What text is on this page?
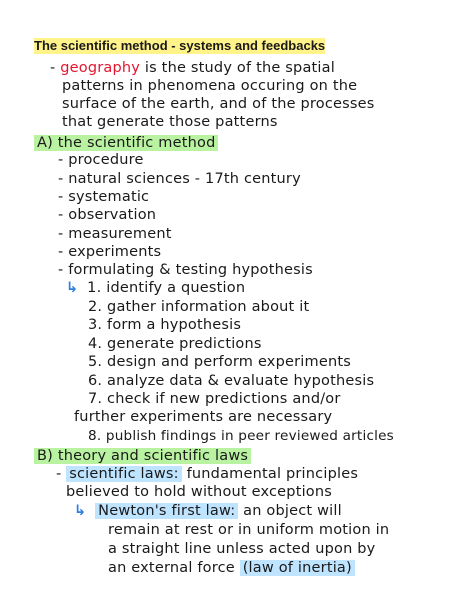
The scientific method - systems and feedbacks
- geography is the study of the spatial
patterns in phenomena occuring on the
surface of the earth, and of the processes
that generate those patterns
A) the scientific method
- procedure
- natural sciences - 17th century
- systematic
- observation
- measurement
- experiments
- formulating & testing hypothesis
↳ 1. identify a question
2. gather information about it
3. form a hypothesis
4. generate predictions
5. design and perform experiments
6. analyze data & evaluate hypothesis
7. check if new predictions and/or
further experiments are necessary
8. publish findings in peer reviewed articles
B) theory and scientific laws
- scientific laws: fundamental principles
believed to hold without exceptions
↳ Newton's first law: an object will
remain at rest or in uniform motion in
a straight line unless acted upon by
an external force (law of inertia)
